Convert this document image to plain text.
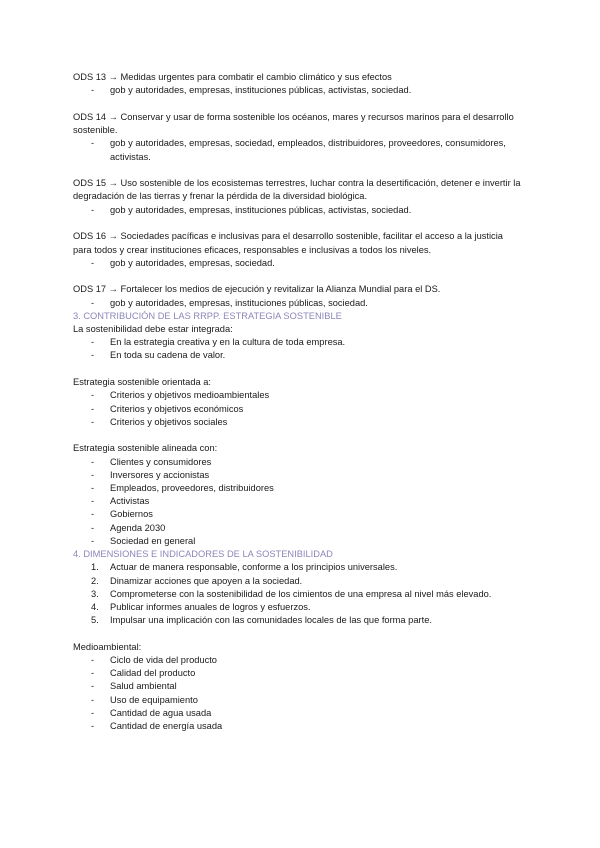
ODS 13 → Medidas urgentes para combatir el cambio climático y sus efectos

- gob y autoridades, empresas, instituciones públicas, activistas, sociedad.

ODS 14 → Conservar y usar de forma sostenible los océanos, mares y recursos marinos para el desarrollo sostenible.

- gob y autoridades, empresas, sociedad, empleados, distribuidores, proveedores, consumidores, activistas.

ODS 15 → Uso sostenible de los ecosistemas terrestres, luchar contra la desertificación, detener e invertir la degradación de las tierras y frenar la pérdida de la diversidad biológica.

- gob y autoridades, empresas, instituciones públicas, activistas, sociedad.

ODS 16 → Sociedades pacíficas e inclusivas para el desarrollo sostenible, facilitar el acceso a la justicia para todos y crear instituciones eficaces, responsables e inclusivas a todos los niveles.

- gob y autoridades, empresas, sociedad.

ODS 17 → Fortalecer los medios de ejecución y revitalizar la Alianza Mundial para el DS.

- gob y autoridades, empresas, instituciones públicas, sociedad.

3. CONTRIBUCIÓN DE LAS RRPP. ESTRATEGIA SOSTENIBLE

La sostenibilidad debe estar integrada:

- En la estrategia creativa y en la cultura de toda empresa.
- En toda su cadena de valor.

Estrategia sostenible orientada a:

- Criterios y objetivos medioambientales
- Criterios y objetivos económicos
- Criterios y objetivos sociales

Estrategia sostenible alineada con:

- Clientes y consumidores
- Inversores y accionistas
- Empleados, proveedores, distribuidores
- Activistas
- Gobiernos
- Agenda 2030
- Sociedad en general

4. DIMENSIONES E INDICADORES DE LA SOSTENIBILIDAD

1. Actuar de manera responsable, conforme a los principios universales.
2. Dinamizar acciones que apoyen a la sociedad.
3. Comprometerse con la sostenibilidad de los cimientos de una empresa al nivel más elevado.
4. Publicar informes anuales de logros y esfuerzos.
5. Impulsar una implicación con las comunidades locales de las que forma parte.

Medioambiental:

- Ciclo de vida del producto
- Calidad del producto
- Salud ambiental
- Uso de equipamiento
- Cantidad de agua usada
- Cantidad de energía usada
